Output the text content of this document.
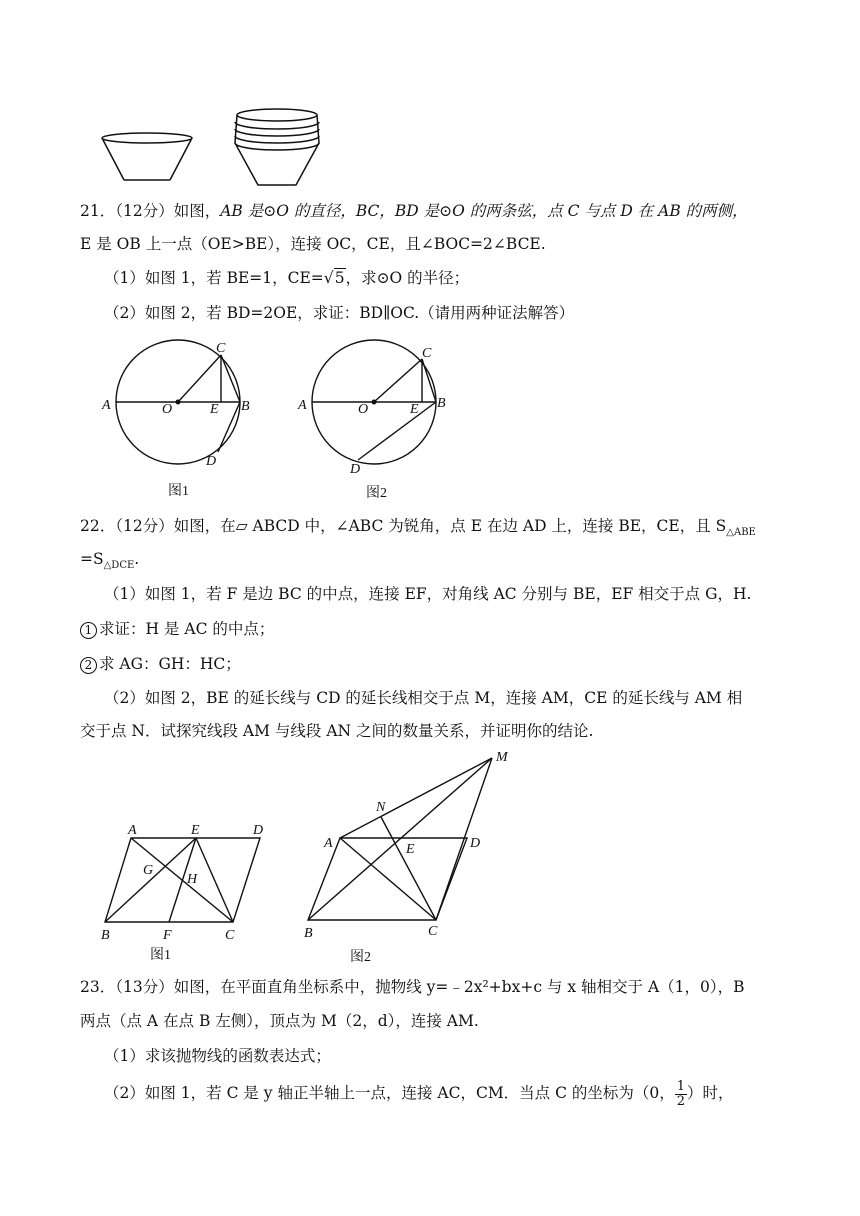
21．（12分）如图，AB 是⊙O 的直径，BC，BD 是⊙O 的两条弦，点 C 与点 D 在 AB 的两侧，
E 是 OB 上一点（OE>BE），连接 OC，CE，且∠BOC=2∠BCE.
（1）如图 1，若 BE=1，CE=√5，求⊙O 的半径；
（2）如图 2，若 BD=2OE，求证：BD∥OC.（请用两种证法解答）
A	O	E B
C
D
图1
A	O	E B
C
D
图2
22．（12分）如图，在▱ ABCD 中，∠ABC 为锐角，点 E 在边 AD 上，连接 BE，CE，且 $S_{\triangle ABE}$
$=S_{\triangle DCE}$.
（1）如图 1，若 F 是边 BC 的中点，连接 EF，对角线 AC 分别与 BE，EF 相交于点 G，H.
1 求证：H 是 AC 的中点；
2 求 AG：GH：HC；
（2）如图 2，BE 的延长线与 CD 的延长线相交于点 M，连接 AM，CE 的延长线与 AM 相
交于点 N．试探究线段 AM 与线段 AN 之间的数量关系，并证明你的结论.
A	E	D
G
H
B	F	C
图1
M
N
A	E	D
B	C
图2
23．（13分）如图，在平面直角坐标系中，抛物线 y=﹣2x²+bx+c 与 x 轴相交于 A（1，0），B
两点（点 A 在点 B 左侧），顶点为 M（2，d），连接 AM.
（1）求该抛物线的函数表达式；
（2）如图 1，若 C 是 y 轴正半轴上一点，连接 AC，CM．当点 C 的坐标为（0， $\frac{1}{2}$ ）时，
